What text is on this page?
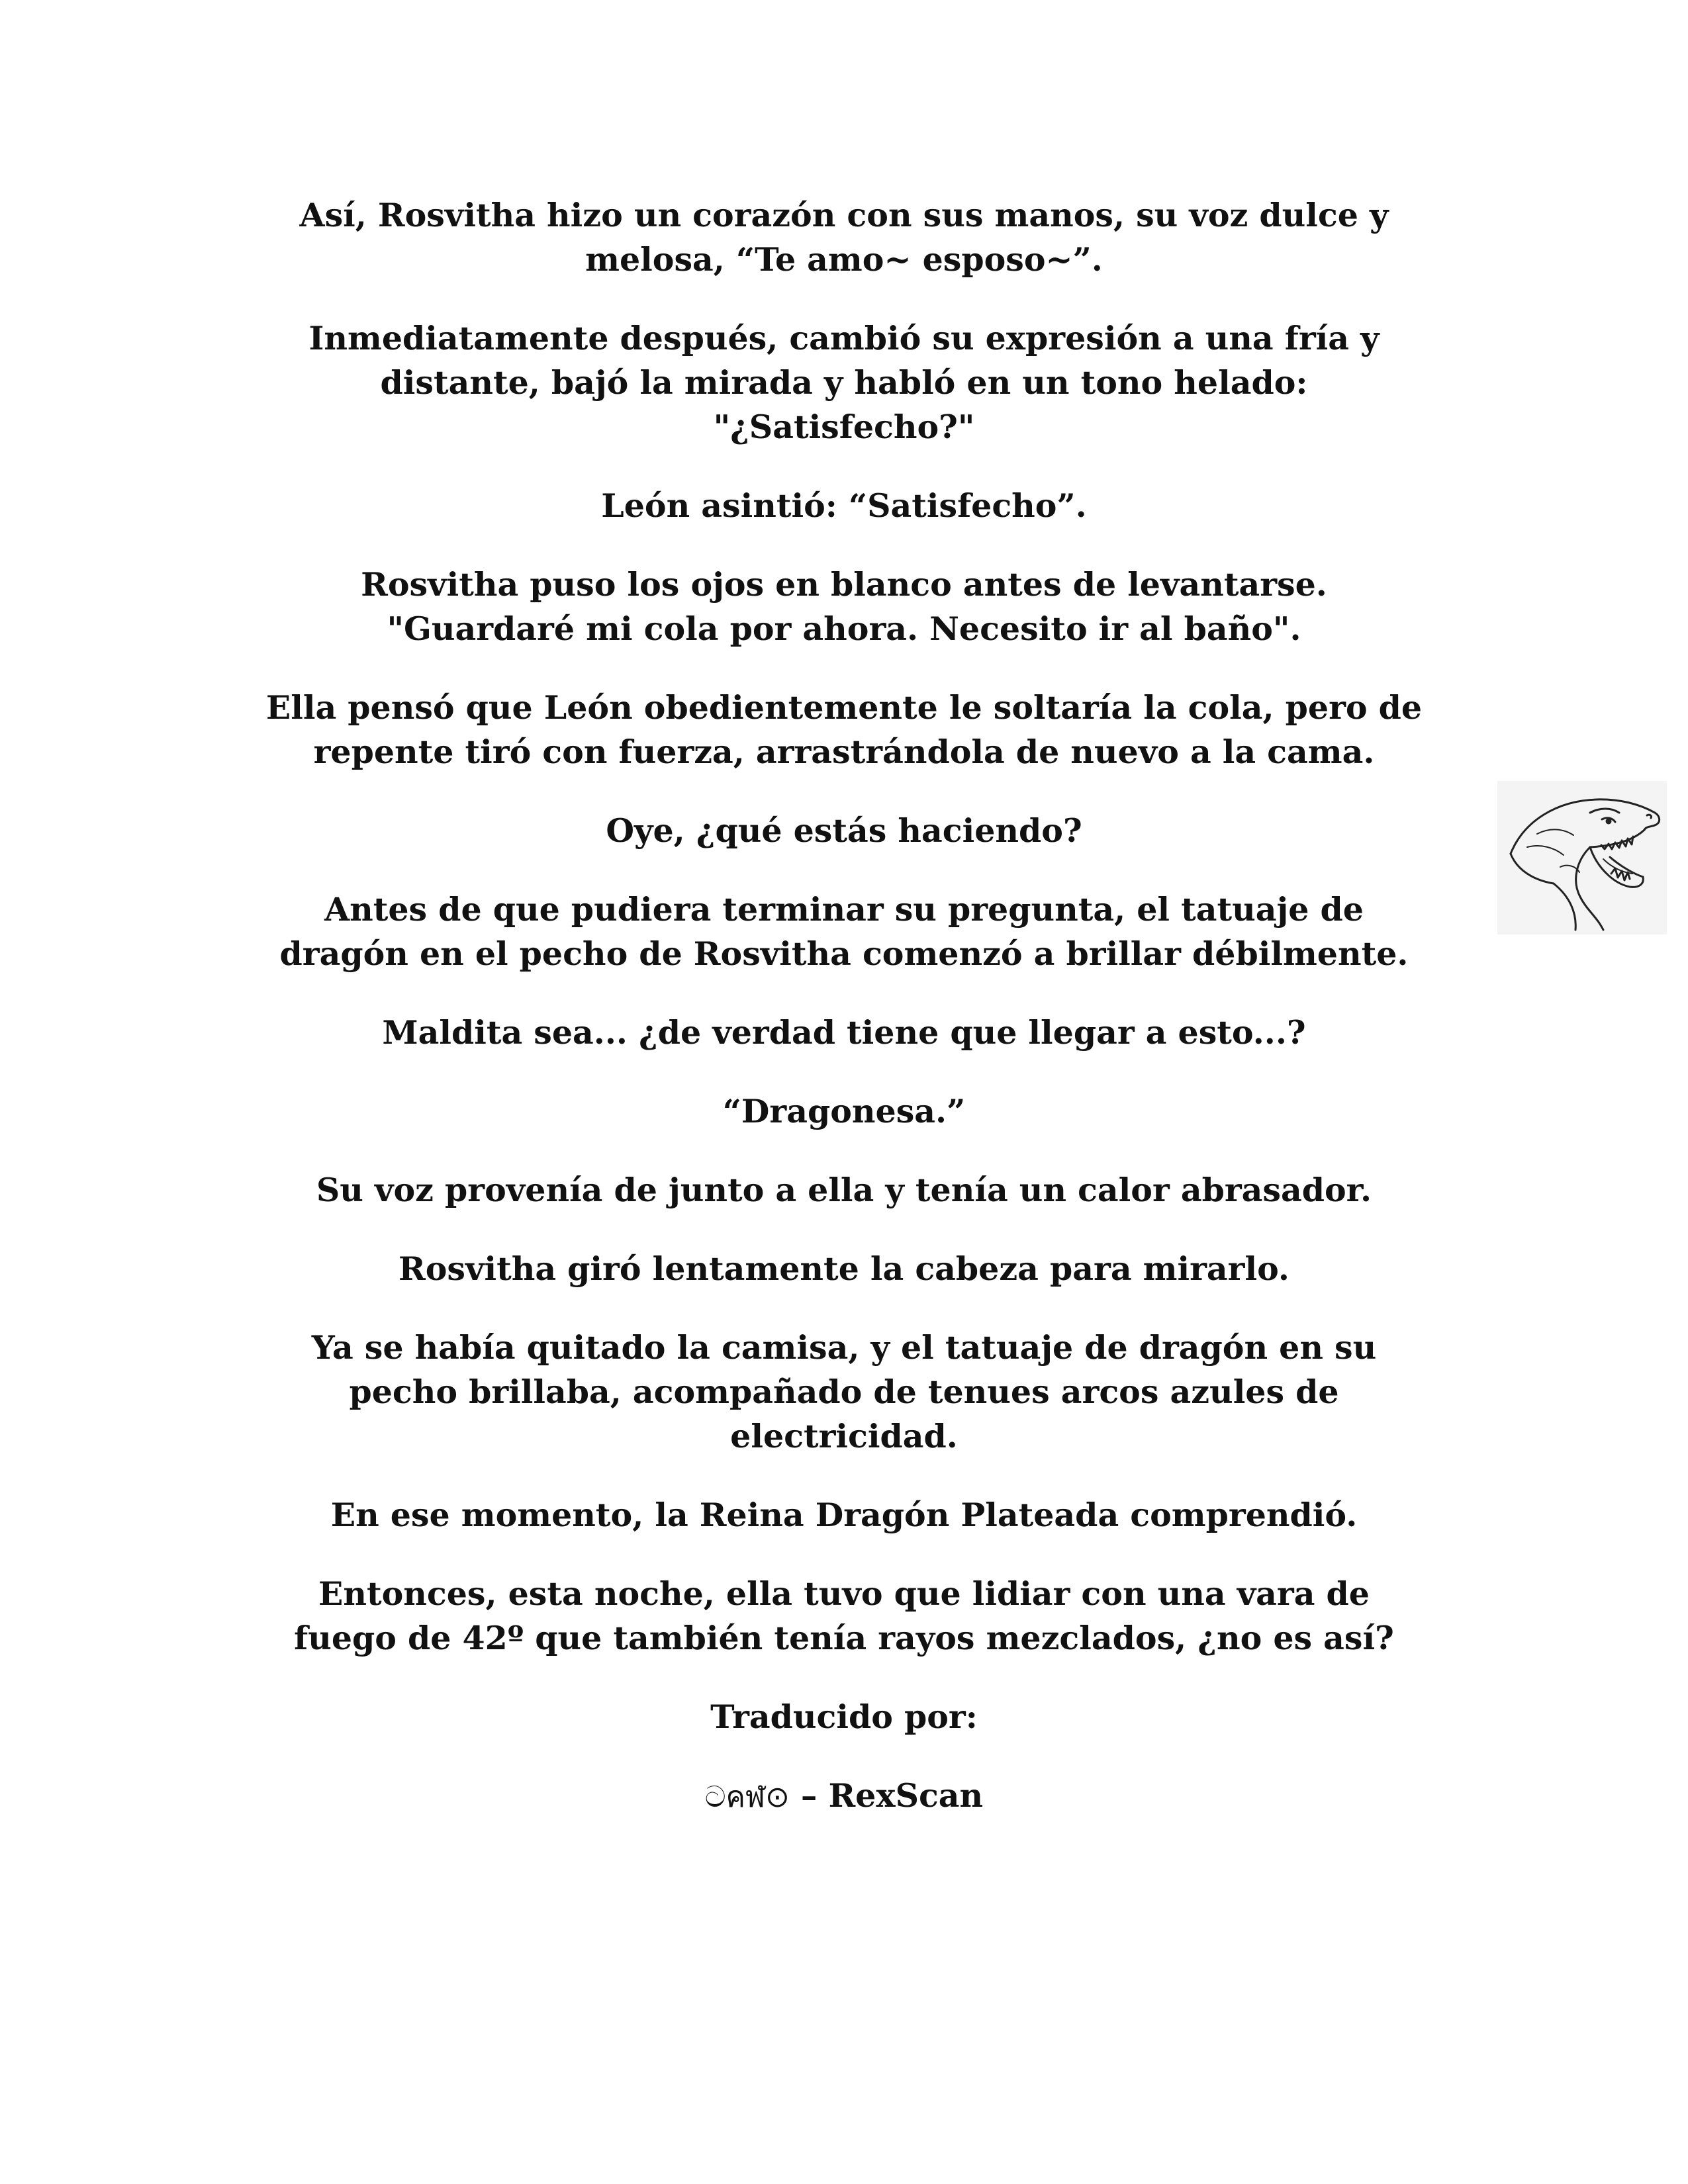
Así, Rosvitha hizo un corazón con sus manos, su voz dulce y
melosa, “Te amo~ esposo~”.

Inmediatamente después, cambió su expresión a una fría y
distante, bajó la mirada y habló en un tono helado:
"¿Satisfecho?"

León asintió: “Satisfecho”.

Rosvitha puso los ojos en blanco antes de levantarse.
"Guardaré mi cola por ahora. Necesito ir al baño".

Ella pensó que León obedientemente le soltaría la cola, pero de
repente tiró con fuerza, arrastrándola de nuevo a la cama.

Oye, ¿qué estás haciendo?

Antes de que pudiera terminar su pregunta, el tatuaje de
dragón en el pecho de Rosvitha comenzó a brillar débilmente.

Maldita sea... ¿de verdad tiene que llegar a esto...?

“Dragonesa.”

Su voz provenía de junto a ella y tenía un calor abrasador.

Rosvitha giró lentamente la cabeza para mirarlo.

Ya se había quitado la camisa, y el tatuaje de dragón en su
pecho brillaba, acompañado de tenues arcos azules de
electricidad.

En ese momento, la Reina Dragón Plateada comprendió.

Entonces, esta noche, ella tuvo que lidiar con una vara de
fuego de 42º que también tenía rayos mezclados, ¿no es así?

Traducido por:

ටคฬ⊙ – RexScan
